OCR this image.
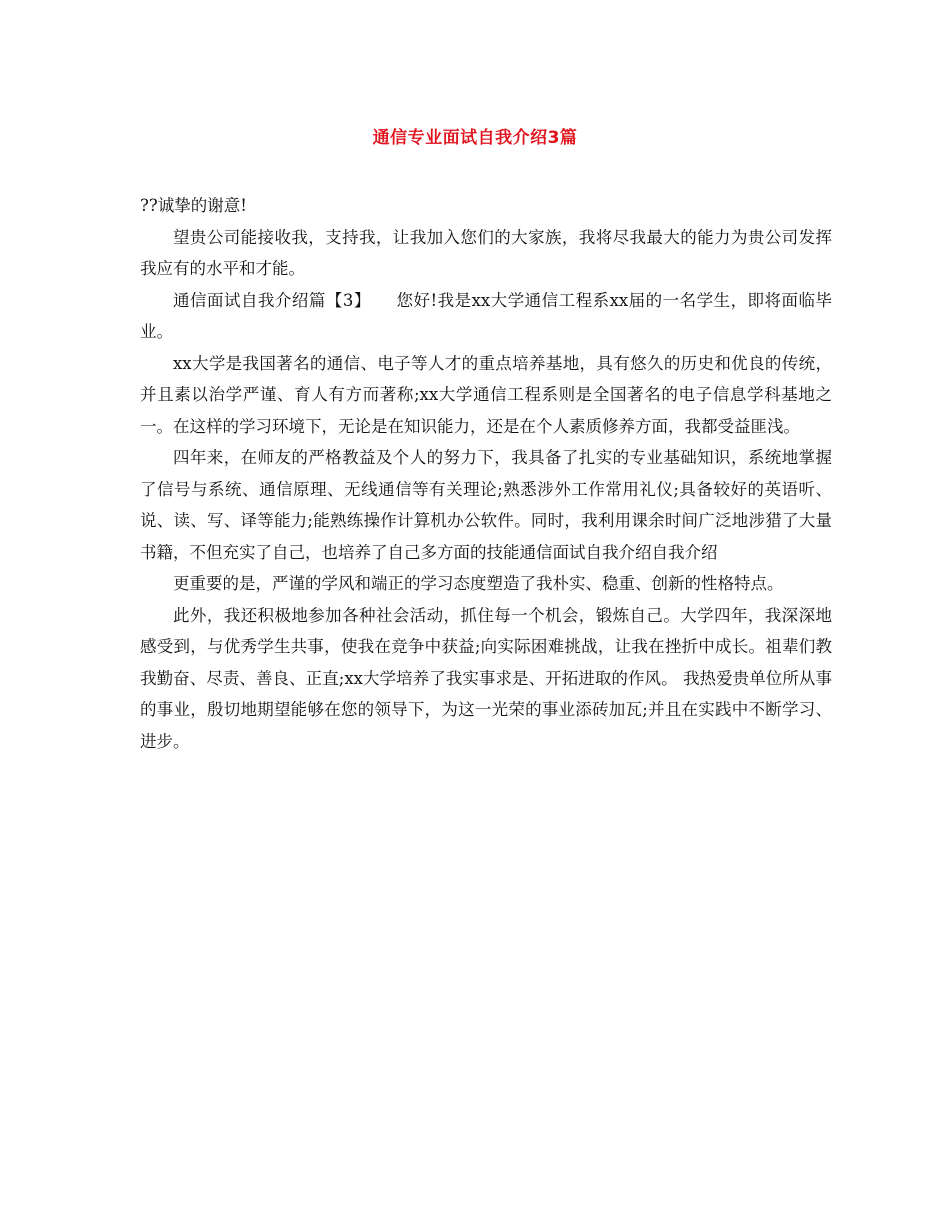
通信专业面试自我介绍3篇

??诚挚的谢意!

望贵公司能接收我，支持我，让我加入您们的大家族，我将尽我最大的能力为贵公司发挥我应有的水平和才能。

通信面试自我介绍篇【3】　　您好!我是xx大学通信工程系xx届的一名学生，即将面临毕业。

xx大学是我国著名的通信、电子等人才的重点培养基地，具有悠久的历史和优良的传统，并且素以治学严谨、育人有方而著称;xx大学通信工程系则是全国著名的电子信息学科基地之一。在这样的学习环境下，无论是在知识能力，还是在个人素质修养方面，我都受益匪浅。

四年来，在师友的严格教益及个人的努力下，我具备了扎实的专业基础知识，系统地掌握了信号与系统、通信原理、无线通信等有关理论;熟悉涉外工作常用礼仪;具备较好的英语听、说、读、写、译等能力;能熟练操作计算机办公软件。同时，我利用课余时间广泛地涉猎了大量书籍，不但充实了自己，也培养了自己多方面的技能通信面试自我介绍自我介绍

更重要的是，严谨的学风和端正的学习态度塑造了我朴实、稳重、创新的性格特点。

此外，我还积极地参加各种社会活动，抓住每一个机会，锻炼自己。大学四年，我深深地感受到，与优秀学生共事，使我在竞争中获益;向实际困难挑战，让我在挫折中成长。祖辈们教我勤奋、尽责、善良、正直;xx大学培养了我实事求是、开拓进取的作风。 我热爱贵单位所从事的事业，殷切地期望能够在您的领导下，为这一光荣的事业添砖加瓦;并且在实践中不断学习、进步。
